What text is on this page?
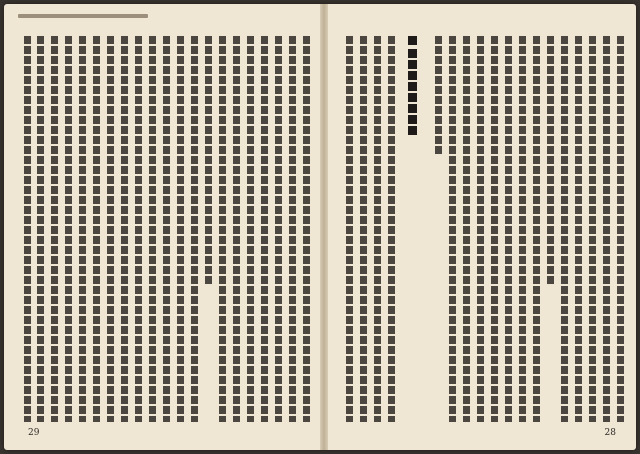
29	28
